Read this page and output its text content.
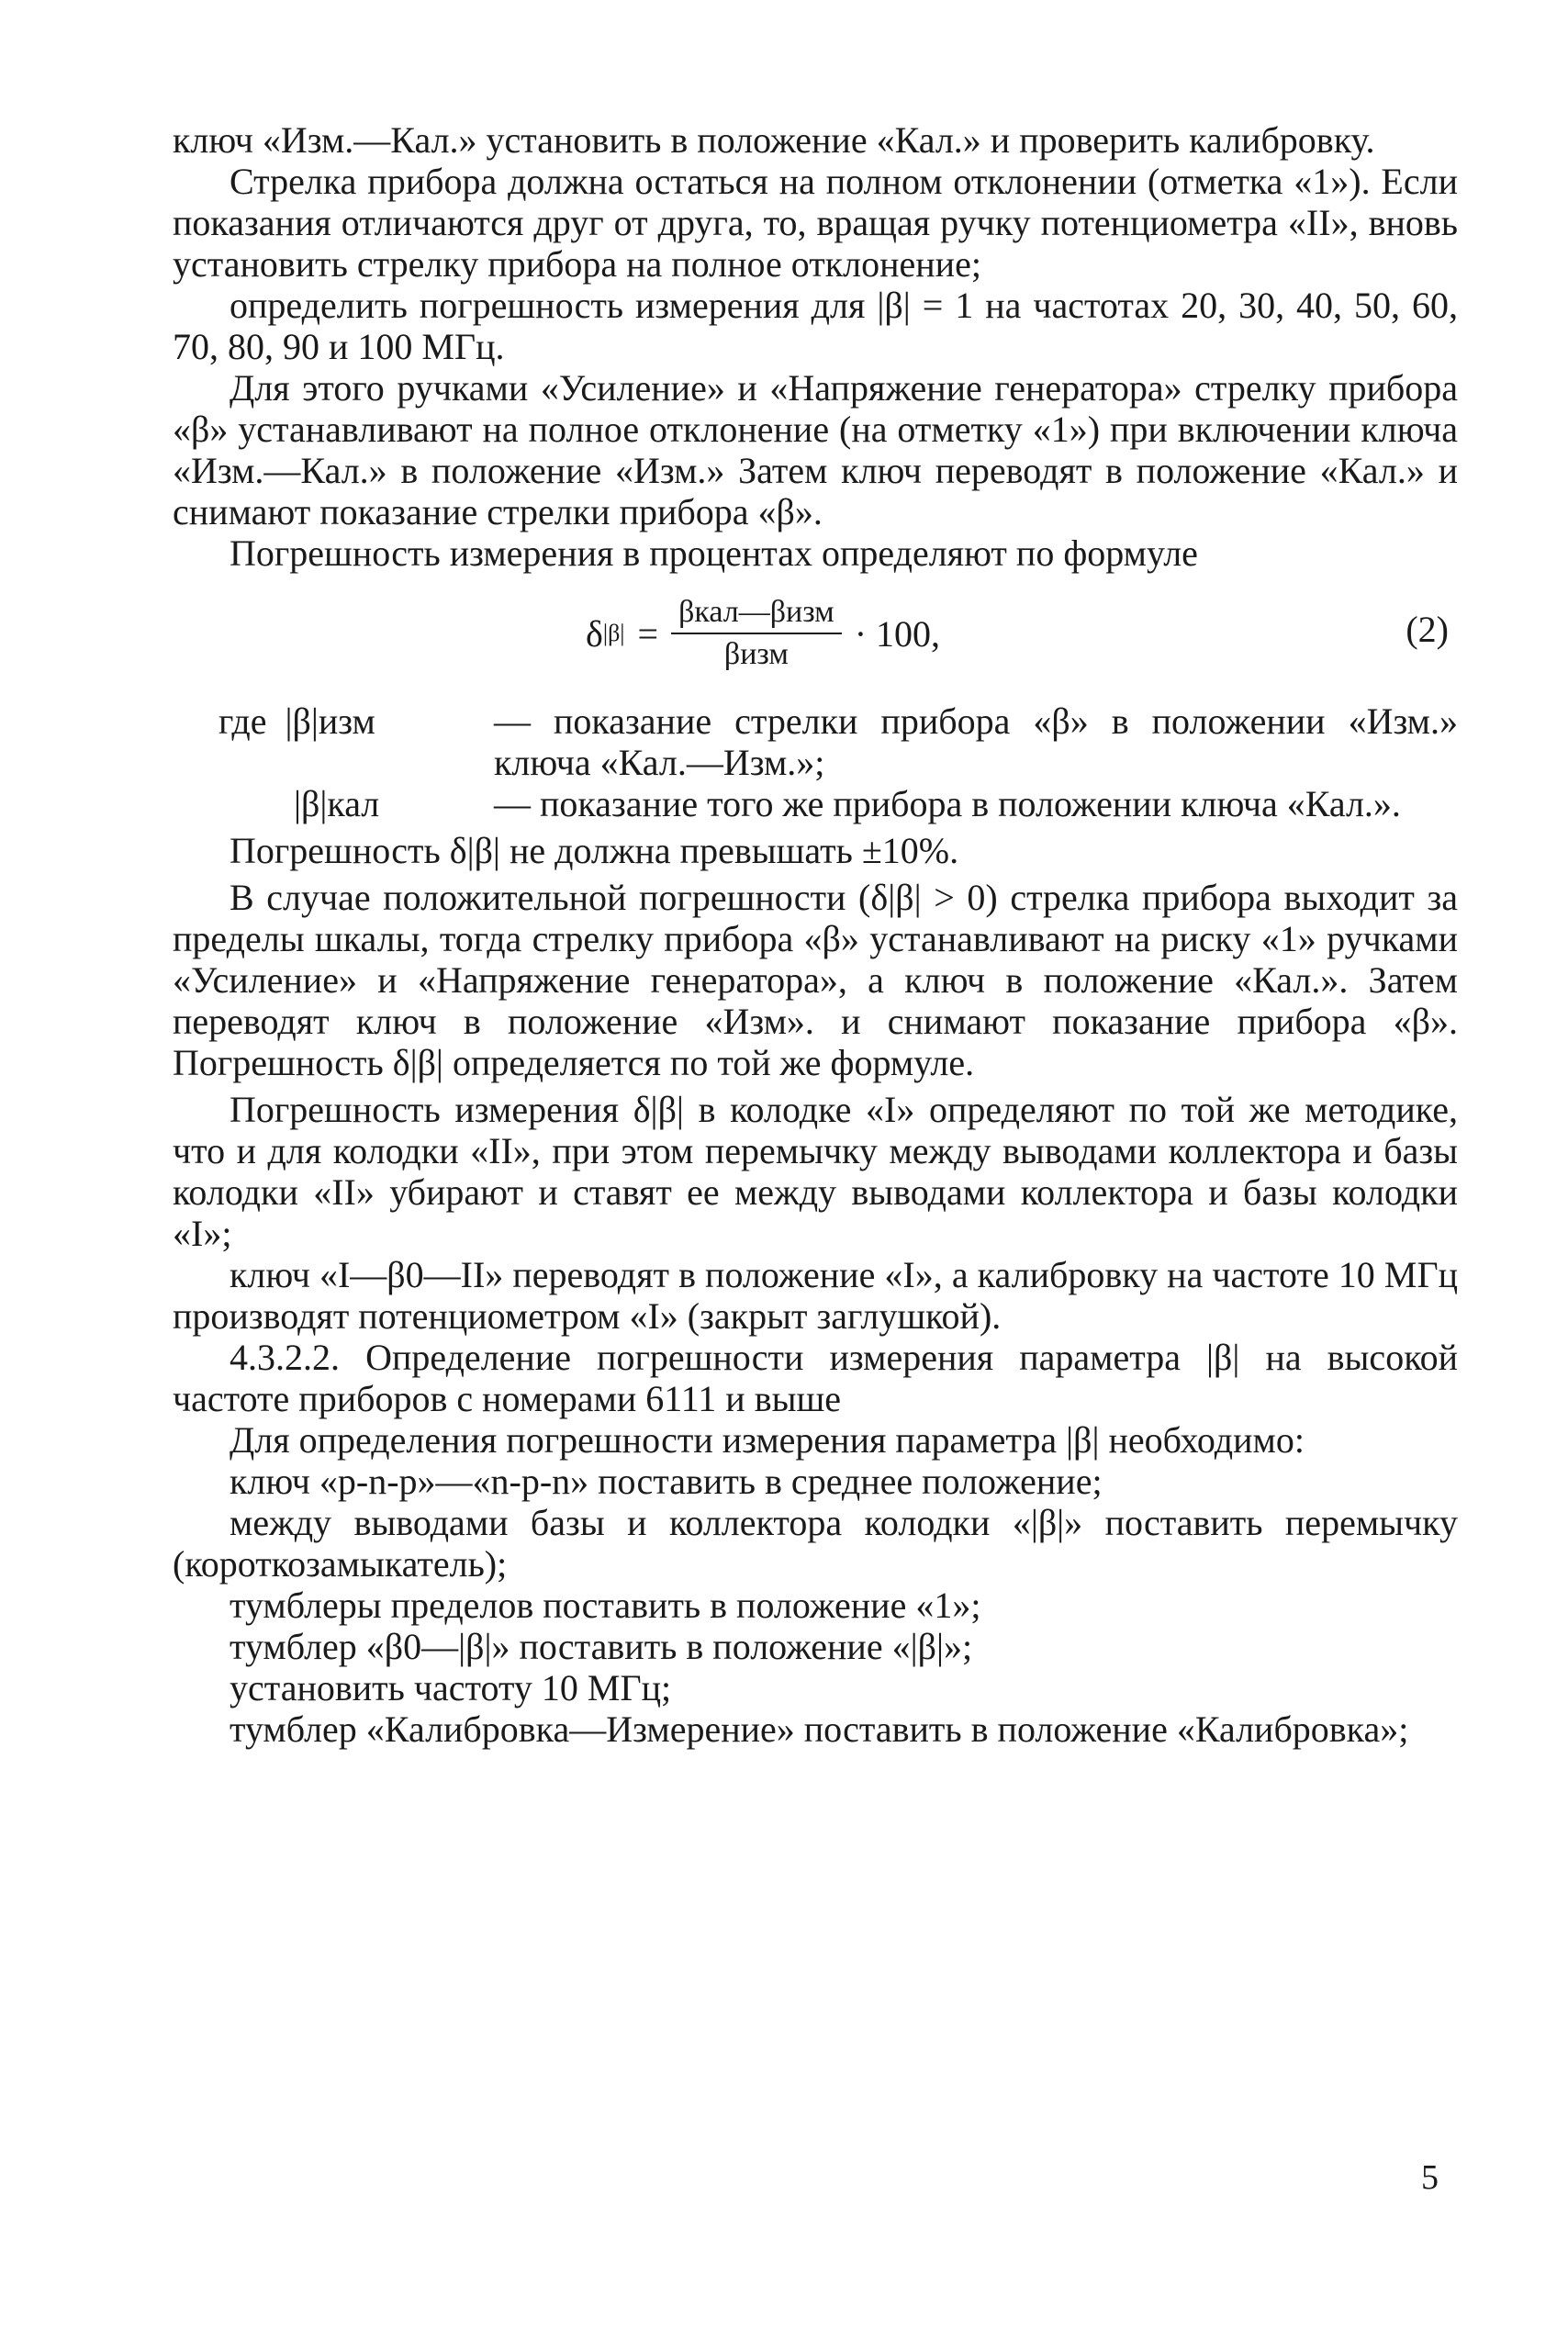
ключ «Изм.—Кал.» установить в положение «Кал.» и проверить калибровку.

Стрелка прибора должна остаться на полном отклонении (отметка «1»). Если показания отличаются друг от друга, то, вращая ручку потенциометра «II», вновь установить стрелку прибора на полное отклонение;

определить погрешность измерения для |β| = 1 на частотах 20, 30, 40, 50, 60, 70, 80, 90 и 100 МГц.

Для этого ручками «Усиление» и «Напряжение генератора» стрелку прибора «β» устанавливают на полное отклонение (на отметку «1») при включении ключа «Изм.—Кал.» в положение «Изм.» Затем ключ переводят в положение «Кал.» и снимают показание стрелки прибора «β».

Погрешность измерения в процентах определяют по формуле

δ $|\beta| = \frac{\text{βкал—βизм}}{\text{βизм}} \cdot 100$,	(2)
где |β|изм	— показание стрелки прибора «β» в положении «Изм.» ключа «Кал.—Изм.»;
|β|кал	— показание того же прибора в положении ключа «Кал.».

Погрешность δ|β| не должна превышать ±10%.

В случае положительной погрешности (δ|β| > 0) стрелка прибора выходит за пределы шкалы, тогда стрелку прибора «β» устанавливают на риску «1» ручками «Усиление» и «Напряжение генератора», а ключ в положение «Кал.». Затем переводят ключ в положение «Изм». и снимают показание прибора «β». Погрешность δ|β| определяется по той же формуле.

Погрешность измерения δ|β| в колодке «I» определяют по той же методике, что и для колодки «II», при этом перемычку между выводами коллектора и базы колодки «II» убирают и ставят ее между выводами коллектора и базы колодки «I»;

ключ «I—β0—II» переводят в положение «I», а калибровку на частоте 10 МГц производят потенциометром «I» (закрыт заглушкой).

4.3.2.2. Определение погрешности измерения параметра |β| на высокой частоте приборов с номерами 6111 и выше

Для определения погрешности измерения параметра |β| необходимо:

ключ «p-n-p»—«n-p-n» поставить в среднее положение;

между выводами базы и коллектора колодки «|β|» поставить перемычку (короткозамыкатель);

тумблеры пределов поставить в положение «1»;

тумблер «β0—|β|» поставить в положение «|β|»;

установить частоту 10 МГц;

тумблер «Калибровка—Измерение» поставить в положение «Калибровка»;

5
